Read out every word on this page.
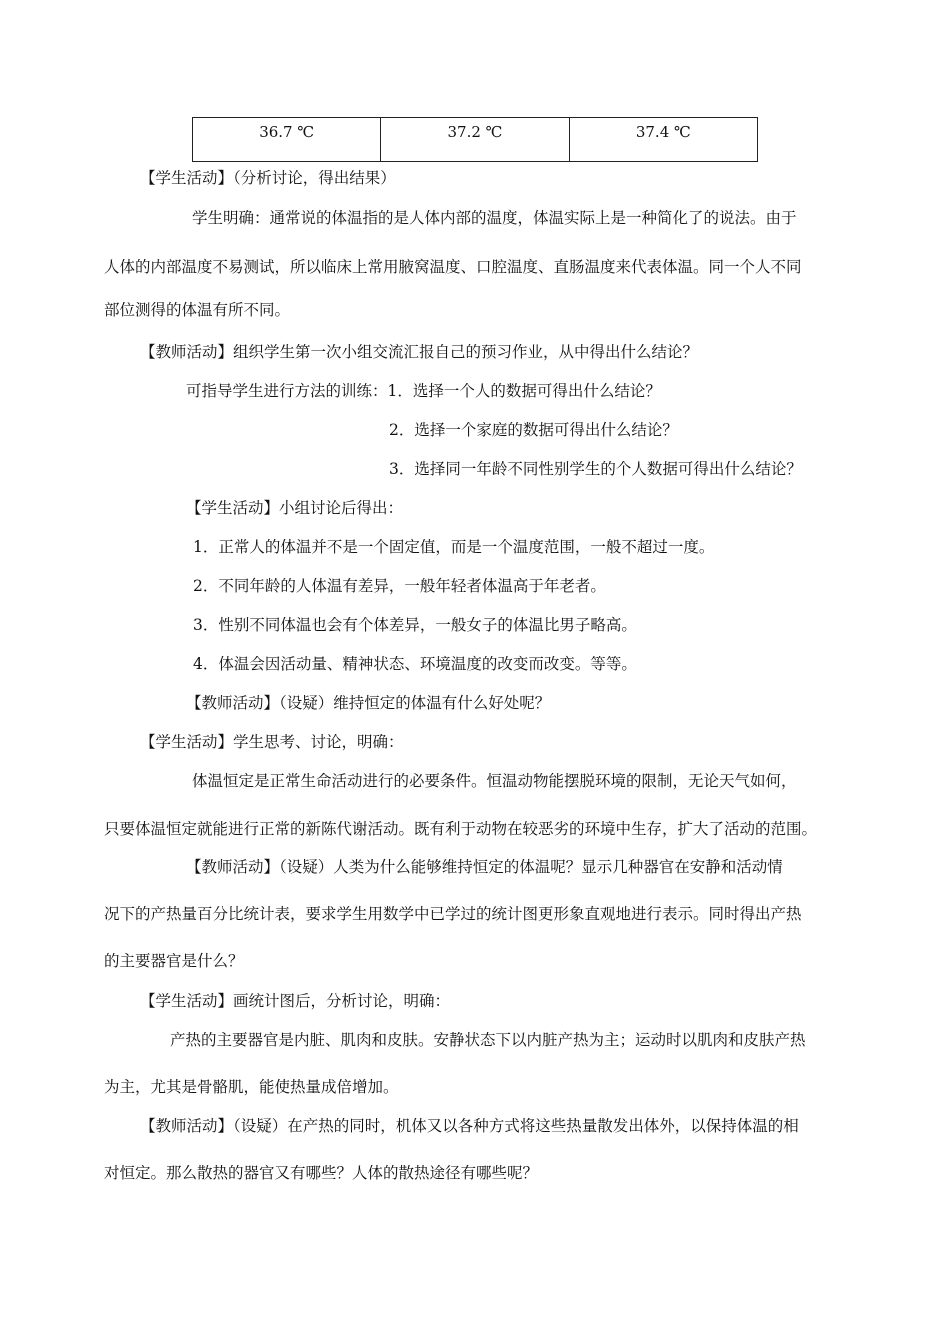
36.7 ℃	37.2 ℃	37.4 ℃
【学生活动】（分析讨论，得出结果）
学生明确：通常说的体温指的是人体内部的温度，体温实际上是一种简化了的说法。由于
人体的内部温度不易测试，所以临床上常用腋窝温度、口腔温度、直肠温度来代表体温。同一个人不同
部位测得的体温有所不同。
【教师活动】组织学生第一次小组交流汇报自己的预习作业，从中得出什么结论？
可指导学生进行方法的训练：1．选择一个人的数据可得出什么结论？
2．选择一个家庭的数据可得出什么结论？
3．选择同一年龄不同性别学生的个人数据可得出什么结论？
【学生活动】小组讨论后得出：
1．正常人的体温并不是一个固定值，而是一个温度范围，一般不超过一度。
2．不同年龄的人体温有差异，一般年轻者体温高于年老者。
3．性别不同体温也会有个体差异，一般女子的体温比男子略高。
4．体温会因活动量、精神状态、环境温度的改变而改变。等等。
【教师活动】（设疑）维持恒定的体温有什么好处呢？
【学生活动】学生思考、讨论，明确：
体温恒定是正常生命活动进行的必要条件。恒温动物能摆脱环境的限制，无论天气如何，
只要体温恒定就能进行正常的新陈代谢活动。既有利于动物在较恶劣的环境中生存，扩大了活动的范围。
【教师活动】（设疑）人类为什么能够维持恒定的体温呢？显示几种器官在安静和活动情
况下的产热量百分比统计表，要求学生用数学中已学过的统计图更形象直观地进行表示。同时得出产热
的主要器官是什么？
【学生活动】画统计图后，分析讨论，明确：
产热的主要器官是内脏、肌肉和皮肤。安静状态下以内脏产热为主；运动时以肌肉和皮肤产热
为主，尤其是骨骼肌，能使热量成倍增加。
【教师活动】（设疑）在产热的同时，机体又以各种方式将这些热量散发出体外，以保持体温的相
对恒定。那么散热的器官又有哪些？人体的散热途径有哪些呢？
